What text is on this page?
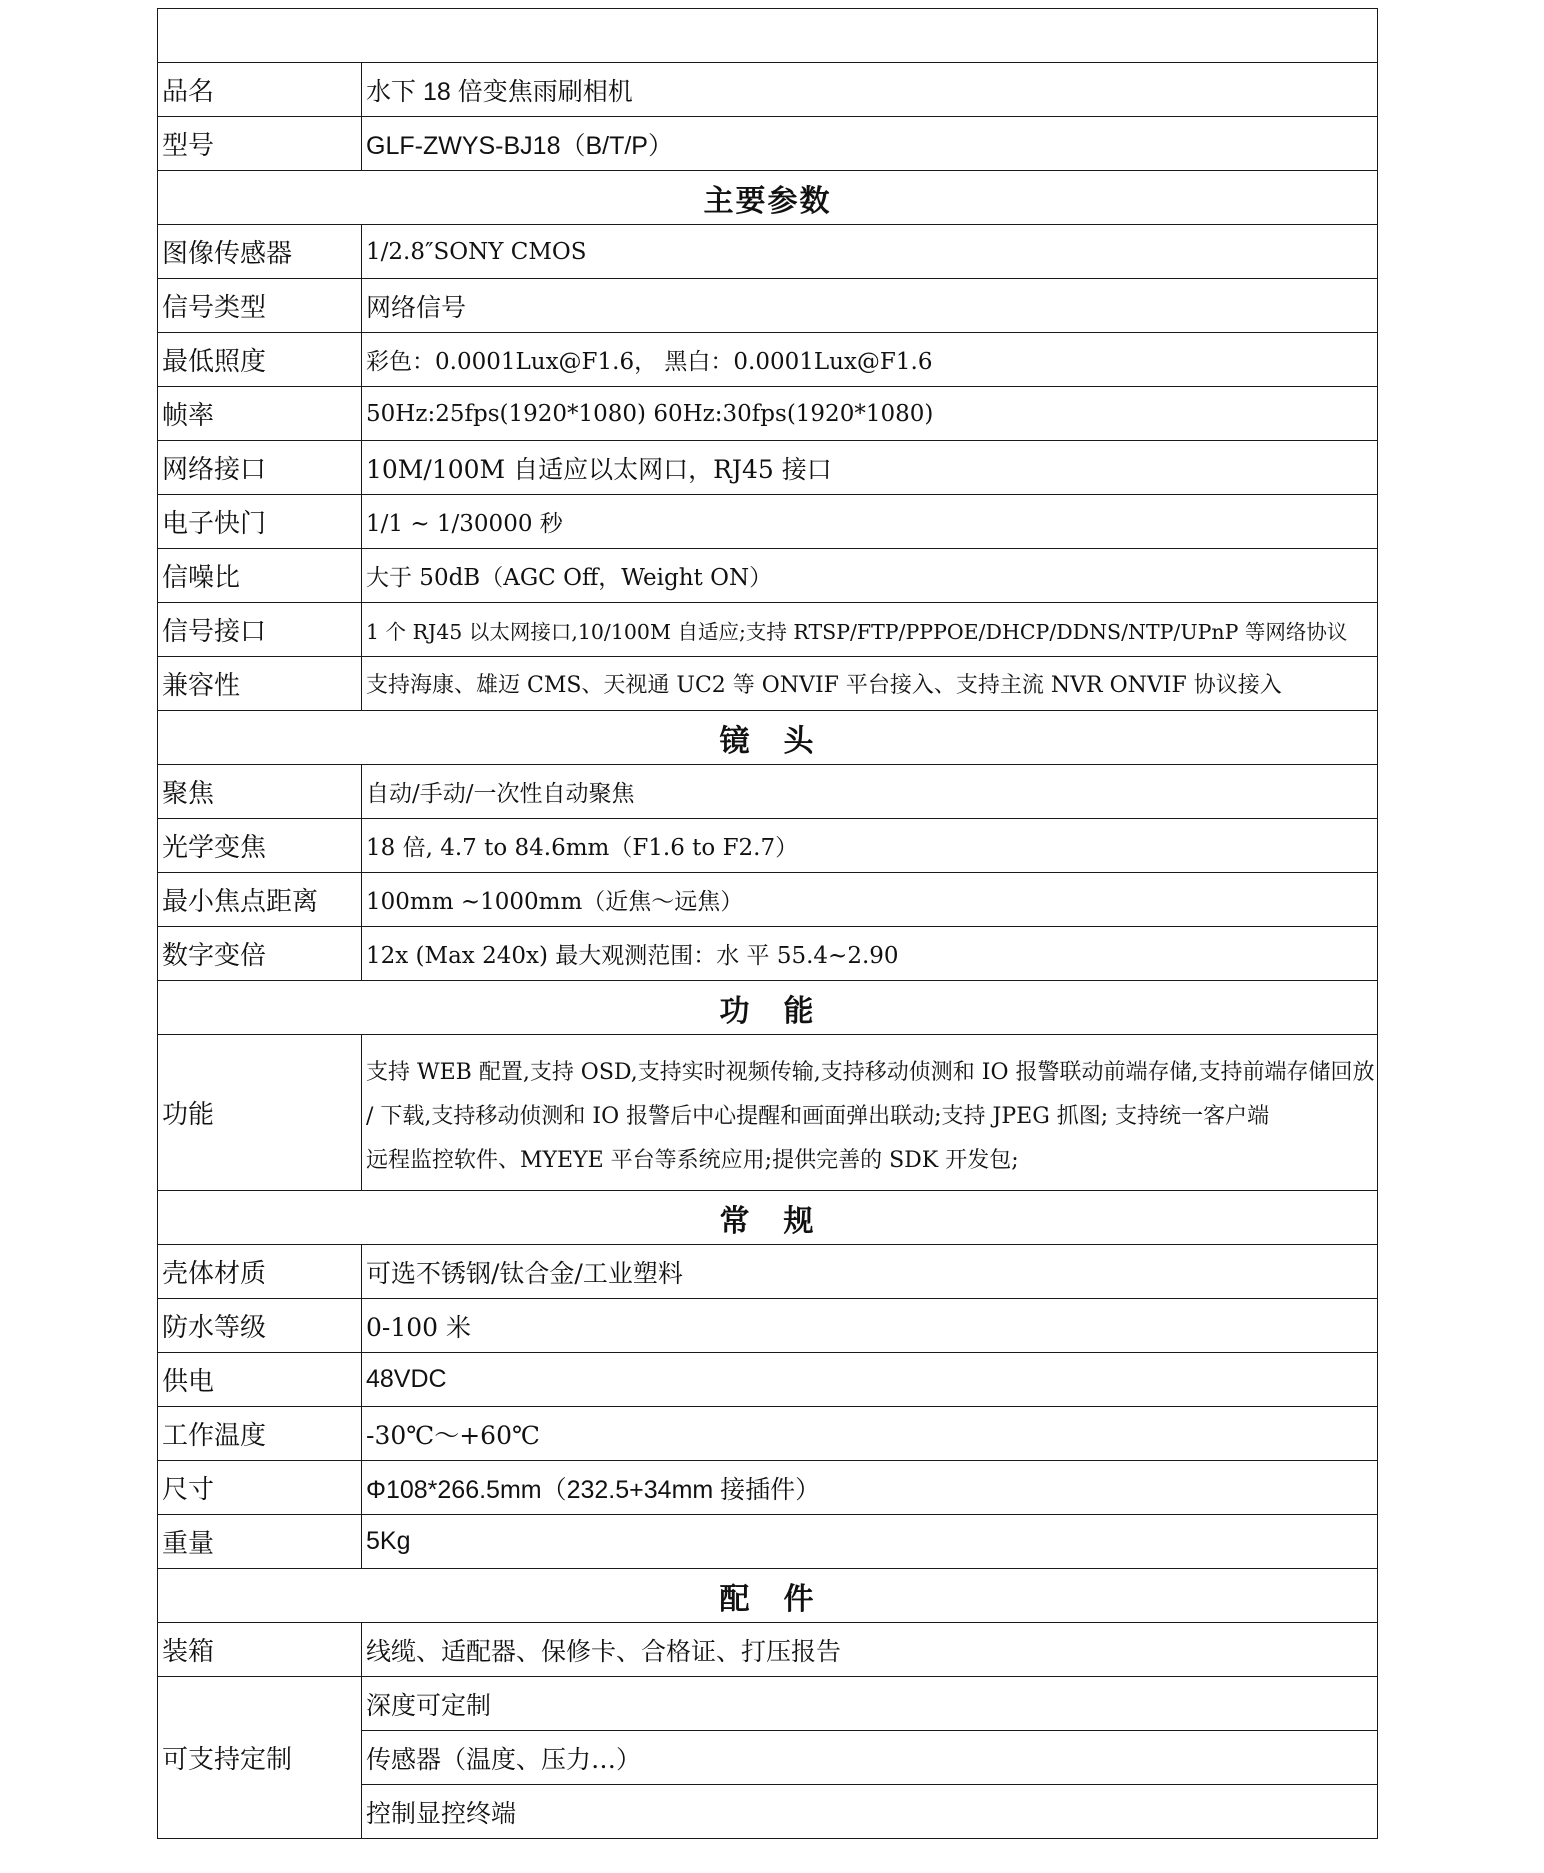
品名	水下 18 倍变焦雨刷相机
型号	GLF-ZWYS-BJ18（B/T/P）
主要参数	
图像传感器	1/2.8″SONY CMOS
信号类型	网络信号
最低照度	彩色：0.0001Lux@F1.6， 黑白：0.0001Lux@F1.6
帧率	50Hz:25fps(1920*1080) 60Hz:30fps(1920*1080)
网络接口	10M/100M 自适应以太网口，RJ45 接口
电子快门	1/1 ~ 1/30000 秒
信噪比	大于 50dB（AGC Off，Weight ON）
信号接口	1 个 RJ45 以太网接口,10/100M 自适应;支持 RTSP/FTP/PPPOE/DHCP/DDNS/NTP/UPnP 等网络协议
兼容性	支持海康、雄迈 CMS、天视通 UC2 等 ONVIF 平台接入、支持主流 NVR ONVIF 协议接入
镜　头	
聚焦	自动/手动/一次性自动聚焦
光学变焦	18 倍, 4.7 to 84.6mm（F1.6 to F2.7）
最小焦点距离	100mm ~1000mm（近焦～远焦）
数字变倍	12x (Max 240x) 最大观测范围：水 平 55.4~2.90
功　能	
功能	支持 WEB 配置,支持 OSD,支持实时视频传输,支持移动侦测和 IO 报警联动前端存储,支持前端存储回放
/ 下载,支持移动侦测和 IO 报警后中心提醒和画面弹出联动;支持 JPEG 抓图; 支持统一客户端
远程监控软件、MYEYE 平台等系统应用;提供完善的 SDK 开发包;

常　规	
壳体材质	可选不锈钢/钛合金/工业塑料
防水等级	0-100 米
供电	48VDC
工作温度	-30℃～+60℃
尺寸	Φ108*266.5mm（232.5+34mm 接插件）
重量	5Kg
配　件	
装箱	线缆、适配器、保修卡、合格证、打压报告
可支持定制	深度可定制
	传感器（温度、压力…）
	控制显控终端
